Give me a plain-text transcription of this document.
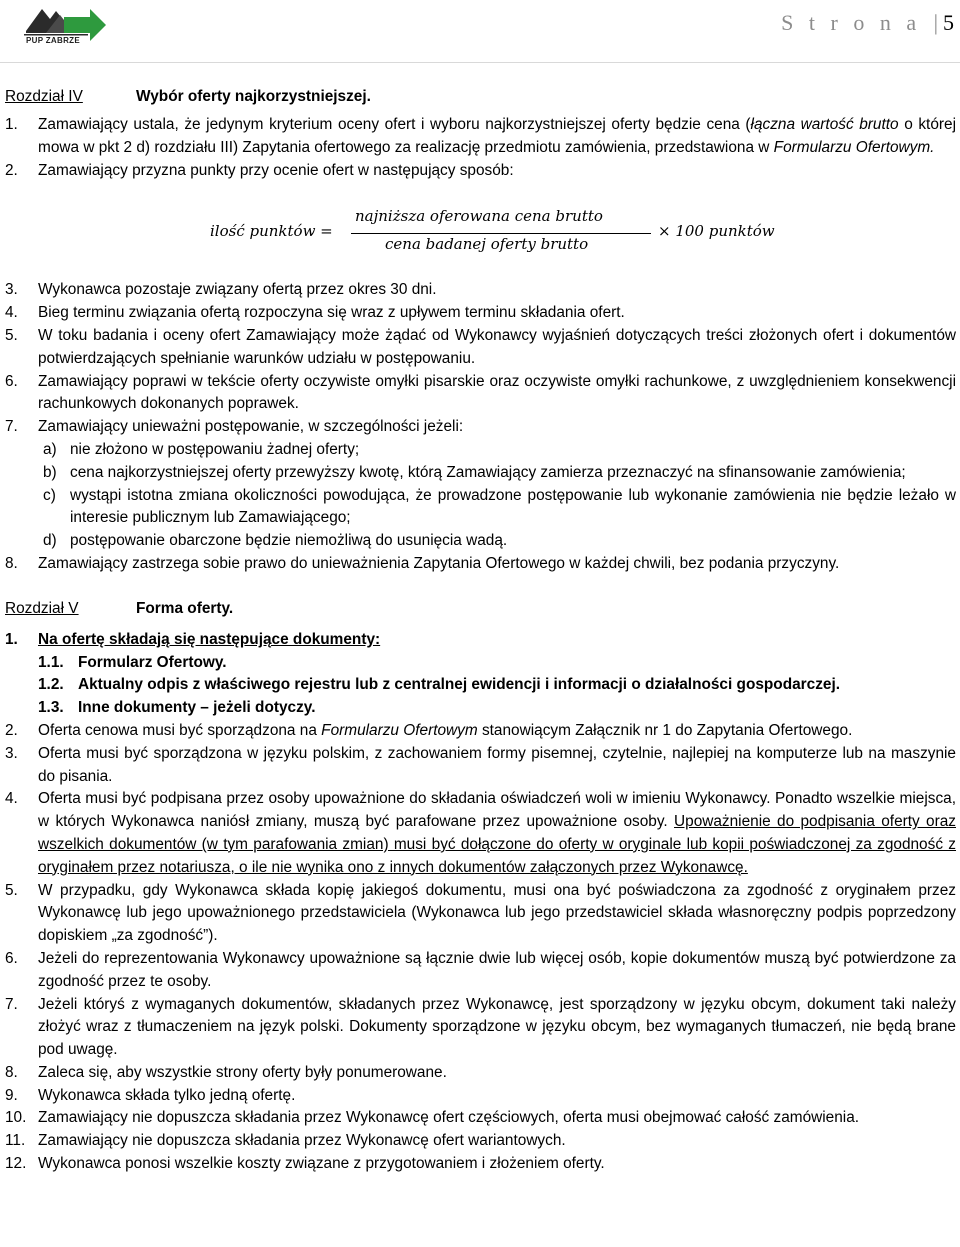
PUP ZABRZE
S t r o n a | 5
Rozdział IV	Wybór oferty najkorzystniejszej.
1. Zamawiający ustala, że jedynym kryterium oceny ofert i wyboru najkorzystniejszej oferty będzie cena (łączna wartość brutto o której mowa w pkt 2 d) rozdziału III) Zapytania ofertowego za realizację przedmiotu zamówienia, przedstawiona w Formularzu Ofertowym.
2. Zamawiający przyzna punkty przy ocenie ofert w następujący sposób:
ilość punktów =
najniższa oferowana cena brutto
cena badanej oferty brutto
× 100 punktów
3. Wykonawca pozostaje związany ofertą przez okres 30 dni.
4. Bieg terminu związania ofertą rozpoczyna się wraz z upływem terminu składania ofert.
5. W toku badania i oceny ofert Zamawiający może żądać od Wykonawcy wyjaśnień dotyczących treści złożonych ofert i dokumentów potwierdzających spełnianie warunków udziału w postępowaniu.
6. Zamawiający poprawi w tekście oferty oczywiste omyłki pisarskie oraz oczywiste omyłki rachunkowe, z uwzględnieniem konsekwencji rachunkowych dokonanych poprawek.
7. Zamawiający unieważni postępowanie, w szczególności jeżeli:
a) nie złożono w postępowaniu żadnej oferty;
b) cena najkorzystniejszej oferty przewyższy kwotę, którą Zamawiający zamierza przeznaczyć na sfinansowanie zamówienia;
c) wystąpi istotna zmiana okoliczności powodująca, że prowadzone postępowanie lub wykonanie zamówienia nie będzie leżało w interesie publicznym lub Zamawiającego;
d) postępowanie obarczone będzie niemożliwą do usunięcia wadą.
8. Zamawiający zastrzega sobie prawo do unieważnienia Zapytania Ofertowego w każdej chwili, bez podania przyczyny.
Rozdział V	Forma oferty.
1. Na ofertę składają się następujące dokumenty:
1.1. Formularz Ofertowy.
1.2. Aktualny odpis z właściwego rejestru lub z centralnej ewidencji i informacji o działalności gospodarczej.
1.3. Inne dokumenty – jeżeli dotyczy.
2. Oferta cenowa musi być sporządzona na Formularzu Ofertowym stanowiącym Załącznik nr 1 do Zapytania Ofertowego.
3. Oferta musi być sporządzona w języku polskim, z zachowaniem formy pisemnej, czytelnie, najlepiej na komputerze lub na maszynie do pisania.
4. Oferta musi być podpisana przez osoby upoważnione do składania oświadczeń woli w imieniu Wykonawcy. Ponadto wszelkie miejsca, w których Wykonawca naniósł zmiany, muszą być parafowane przez upoważnione osoby. Upoważnienie do podpisania oferty oraz wszelkich dokumentów (w tym parafowania zmian) musi być dołączone do oferty w oryginale lub kopii poświadczonej za zgodność z oryginałem przez notariusza, o ile nie wynika ono z innych dokumentów załączonych przez Wykonawcę.
5. W przypadku, gdy Wykonawca składa kopię jakiegoś dokumentu, musi ona być poświadczona za zgodność z oryginałem przez Wykonawcę lub jego upoważnionego przedstawiciela (Wykonawca lub jego przedstawiciel składa własnoręczny podpis poprzedzony dopiskiem „za zgodność”).
6. Jeżeli do reprezentowania Wykonawcy upoważnione są łącznie dwie lub więcej osób, kopie dokumentów muszą być potwierdzone za zgodność przez te osoby.
7. Jeżeli któryś z wymaganych dokumentów, składanych przez Wykonawcę, jest sporządzony w języku obcym, dokument taki należy złożyć wraz z tłumaczeniem na język polski. Dokumenty sporządzone w języku obcym, bez wymaganych tłumaczeń, nie będą brane pod uwagę.
8. Zaleca się, aby wszystkie strony oferty były ponumerowane.
9. Wykonawca składa tylko jedną ofertę.
10. Zamawiający nie dopuszcza składania przez Wykonawcę ofert częściowych, oferta musi obejmować całość zamówienia.
11. Zamawiający nie dopuszcza składania przez Wykonawcę ofert wariantowych.
12. Wykonawca ponosi wszelkie koszty związane z przygotowaniem i złożeniem oferty.
